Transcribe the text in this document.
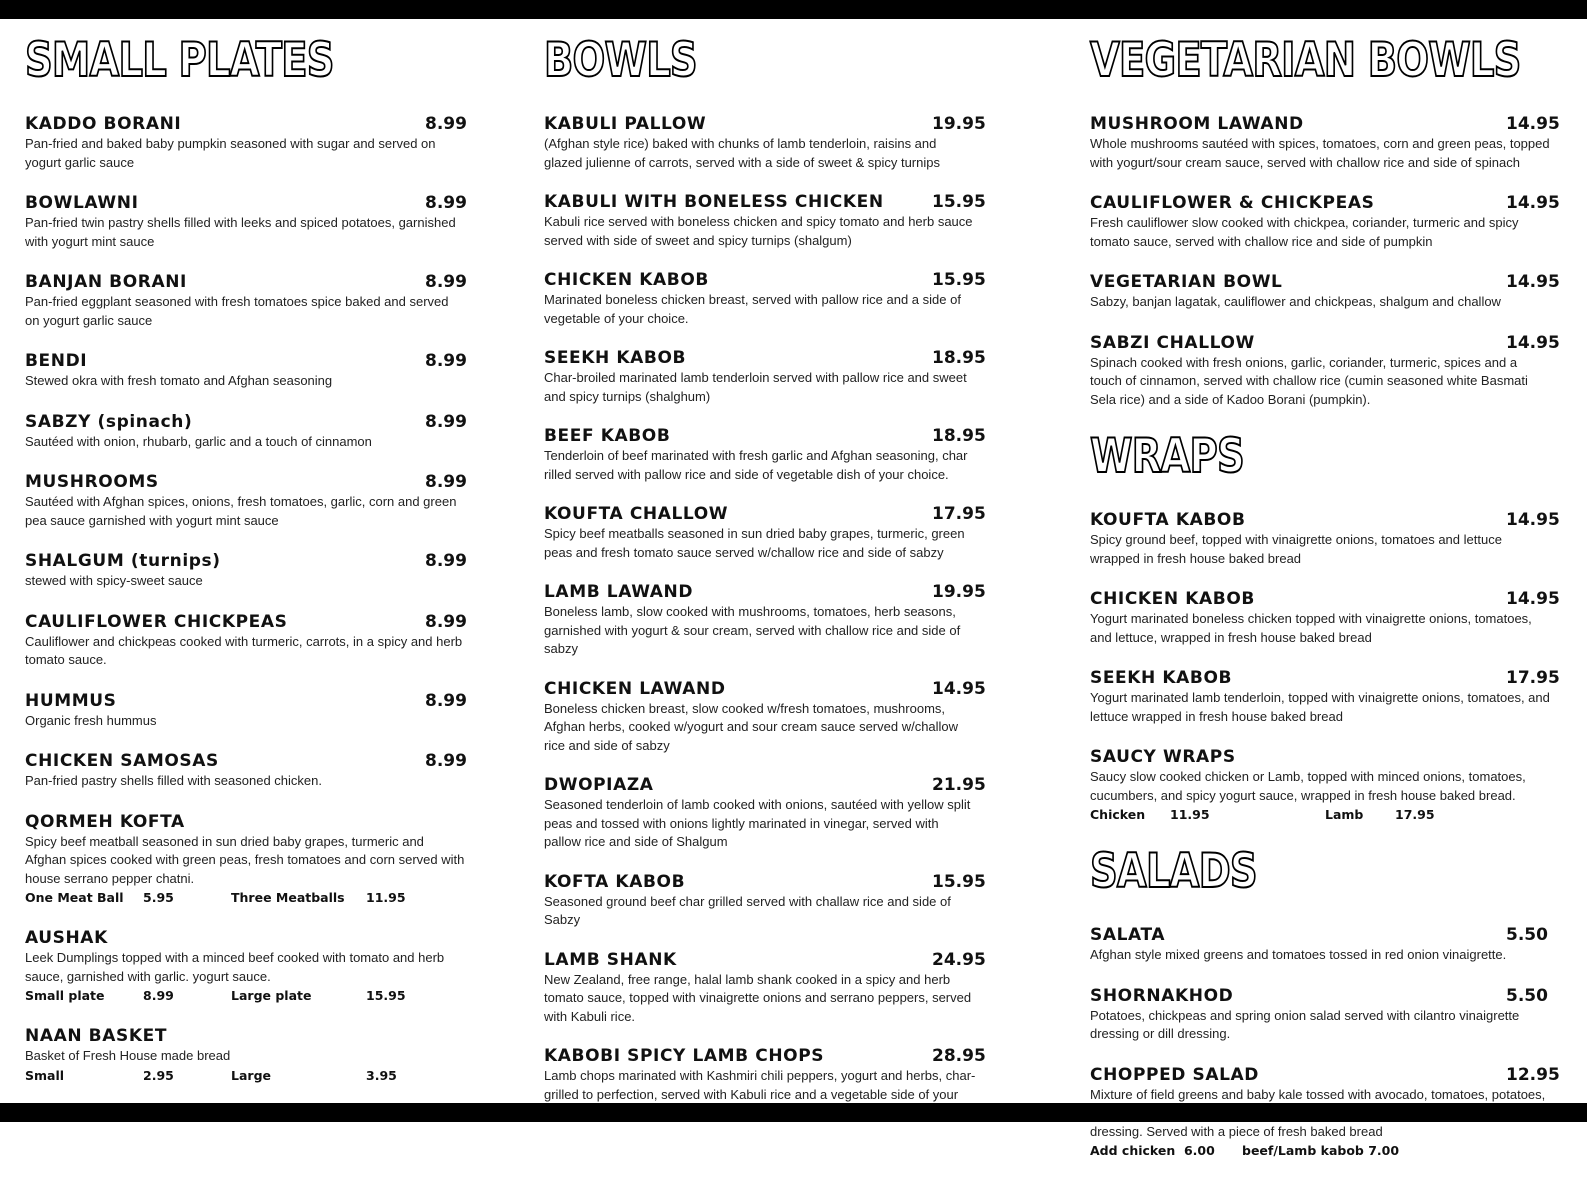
SMALL PLATES
KADDO BORANI	8.99
Pan-fried and baked baby pumpkin seasoned with sugar and served on yogurt garlic sauce
BOWLAWNI	8.99
Pan-fried twin pastry shells filled with leeks and spiced potatoes, garnished with yogurt mint sauce
BANJAN BORANI	8.99
Pan-fried eggplant seasoned with fresh tomatoes spice baked and served on yogurt garlic sauce
BENDI	8.99
Stewed okra with fresh tomato and Afghan seasoning
SABZY (spinach)	8.99
Sautéed with onion, rhubarb, garlic and a touch of cinnamon
MUSHROOMS	8.99
Sautéed with Afghan spices, onions, fresh tomatoes, garlic, corn and green pea sauce garnished with yogurt mint sauce
SHALGUM (turnips)	8.99
stewed with spicy-sweet sauce
CAULIFLOWER CHICKPEAS	8.99
Cauliflower and chickpeas cooked with turmeric, carrots, in a spicy and herb tomato sauce.
HUMMUS	8.99
Organic fresh hummus
CHICKEN SAMOSAS	8.99
Pan-fried pastry shells filled with seasoned chicken.
QORMEH KOFTA
Spicy beef meatball seasoned in sun dried baby grapes, turmeric and Afghan spices cooked with green peas, fresh tomatoes and corn served with house serrano pepper chatni.
One Meat Ball 5.95	Three Meatballs 11.95
AUSHAK
Leek Dumplings topped with a minced beef cooked with tomato and herb sauce, garnished with garlic. yogurt sauce.
Small plate	8.99	Large plate	15.95
NAAN BASKET
Basket of Fresh House made bread
Small	2.95	Large	3.95
BOWLS
KABULI PALLOW	19.95
(Afghan style rice) baked with chunks of lamb tenderloin, raisins and glazed julienne of carrots, served with a side of sweet & spicy turnips
KABULI WITH BONELESS CHICKEN	15.95
Kabuli rice served with boneless chicken and spicy tomato and herb sauce served with side of sweet and spicy turnips (shalgum)
CHICKEN KABOB	15.95
Marinated boneless chicken breast, served with pallow rice and a side of vegetable of your choice.
SEEKH KABOB	18.95
Char-broiled marinated lamb tenderloin served with pallow rice and sweet and spicy turnips (shalghum)
BEEF KABOB	18.95
Tenderloin of beef marinated with fresh garlic and Afghan seasoning, char rilled served with pallow rice and side of vegetable dish of your choice.
KOUFTA CHALLOW	17.95
Spicy beef meatballs seasoned in sun dried baby grapes, turmeric, green peas and fresh tomato sauce served w/challow rice and side of sabzy
LAMB LAWAND	19.95
Boneless lamb, slow cooked with mushrooms, tomatoes, herb seasons, garnished with yogurt & sour cream, served with challow rice and side of sabzy
CHICKEN LAWAND	14.95
Boneless chicken breast, slow cooked w/fresh tomatoes, mushrooms, Afghan herbs, cooked w/yogurt and sour cream sauce served w/challow rice and side of sabzy
DWOPIAZA	21.95
Seasoned tenderloin of lamb cooked with onions, sautéed with yellow split peas and tossed with onions lightly marinated in vinegar, served with pallow rice and side of Shalgum
KOFTA KABOB	15.95
Seasoned ground beef char grilled served with challaw rice and side of Sabzy
LAMB SHANK	24.95
New Zealand, free range, halal lamb shank cooked in a spicy and herb tomato sauce, topped with vinaigrette onions and serrano peppers, served with Kabuli rice.
KABOBI SPICY LAMB CHOPS	28.95
Lamb chops marinated with Kashmiri chili peppers, yogurt and herbs, char-grilled to perfection, served with Kabuli rice and a vegetable side of your
VEGETARIAN BOWLS
MUSHROOM LAWAND	14.95
Whole mushrooms sautéed with spices, tomatoes, corn and green peas, topped with yogurt/sour cream sauce, served with challow rice and side of spinach
CAULIFLOWER & CHICKPEAS	14.95
Fresh cauliflower slow cooked with chickpea, coriander, turmeric and spicy tomato sauce, served with challow rice and side of pumpkin
VEGETARIAN BOWL	14.95
Sabzy, banjan lagatak, cauliflower and chickpeas, shalgum and challow
SABZI CHALLOW	14.95
Spinach cooked with fresh onions, garlic, coriander, turmeric, spices and a touch of cinnamon, served with challow rice (cumin seasoned white Basmati Sela rice) and a side of Kadoo Borani (pumpkin).
WRAPS
KOUFTA KABOB	14.95
Spicy ground beef, topped with vinaigrette onions, tomatoes and lettuce wrapped in fresh house baked bread
CHICKEN KABOB	14.95
Yogurt marinated boneless chicken topped with vinaigrette onions, tomatoes, and lettuce, wrapped in fresh house baked bread
SEEKH KABOB	17.95
Yogurt marinated lamb tenderloin, topped with vinaigrette onions, tomatoes, and lettuce wrapped in fresh house baked bread
SAUCY WRAPS
Saucy slow cooked chicken or Lamb, topped with minced onions, tomatoes, cucumbers, and spicy yogurt sauce, wrapped in fresh house baked bread.
Chicken 11.95	Lamb	17.95
SALADS
SALATA	5.50
Afghan style mixed greens and tomatoes tossed in red onion vinaigrette.
SHORNAKHOD	5.50
Potatoes, chickpeas and spring onion salad served with cilantro vinaigrette dressing or dill dressing.
CHOPPED SALAD	12.95
Mixture of field greens and baby kale tossed with avocado, tomatoes, potatoes, dressing. Served with a piece of fresh baked bread
Add chicken  6.00 beef/Lamb kabob 7.00
